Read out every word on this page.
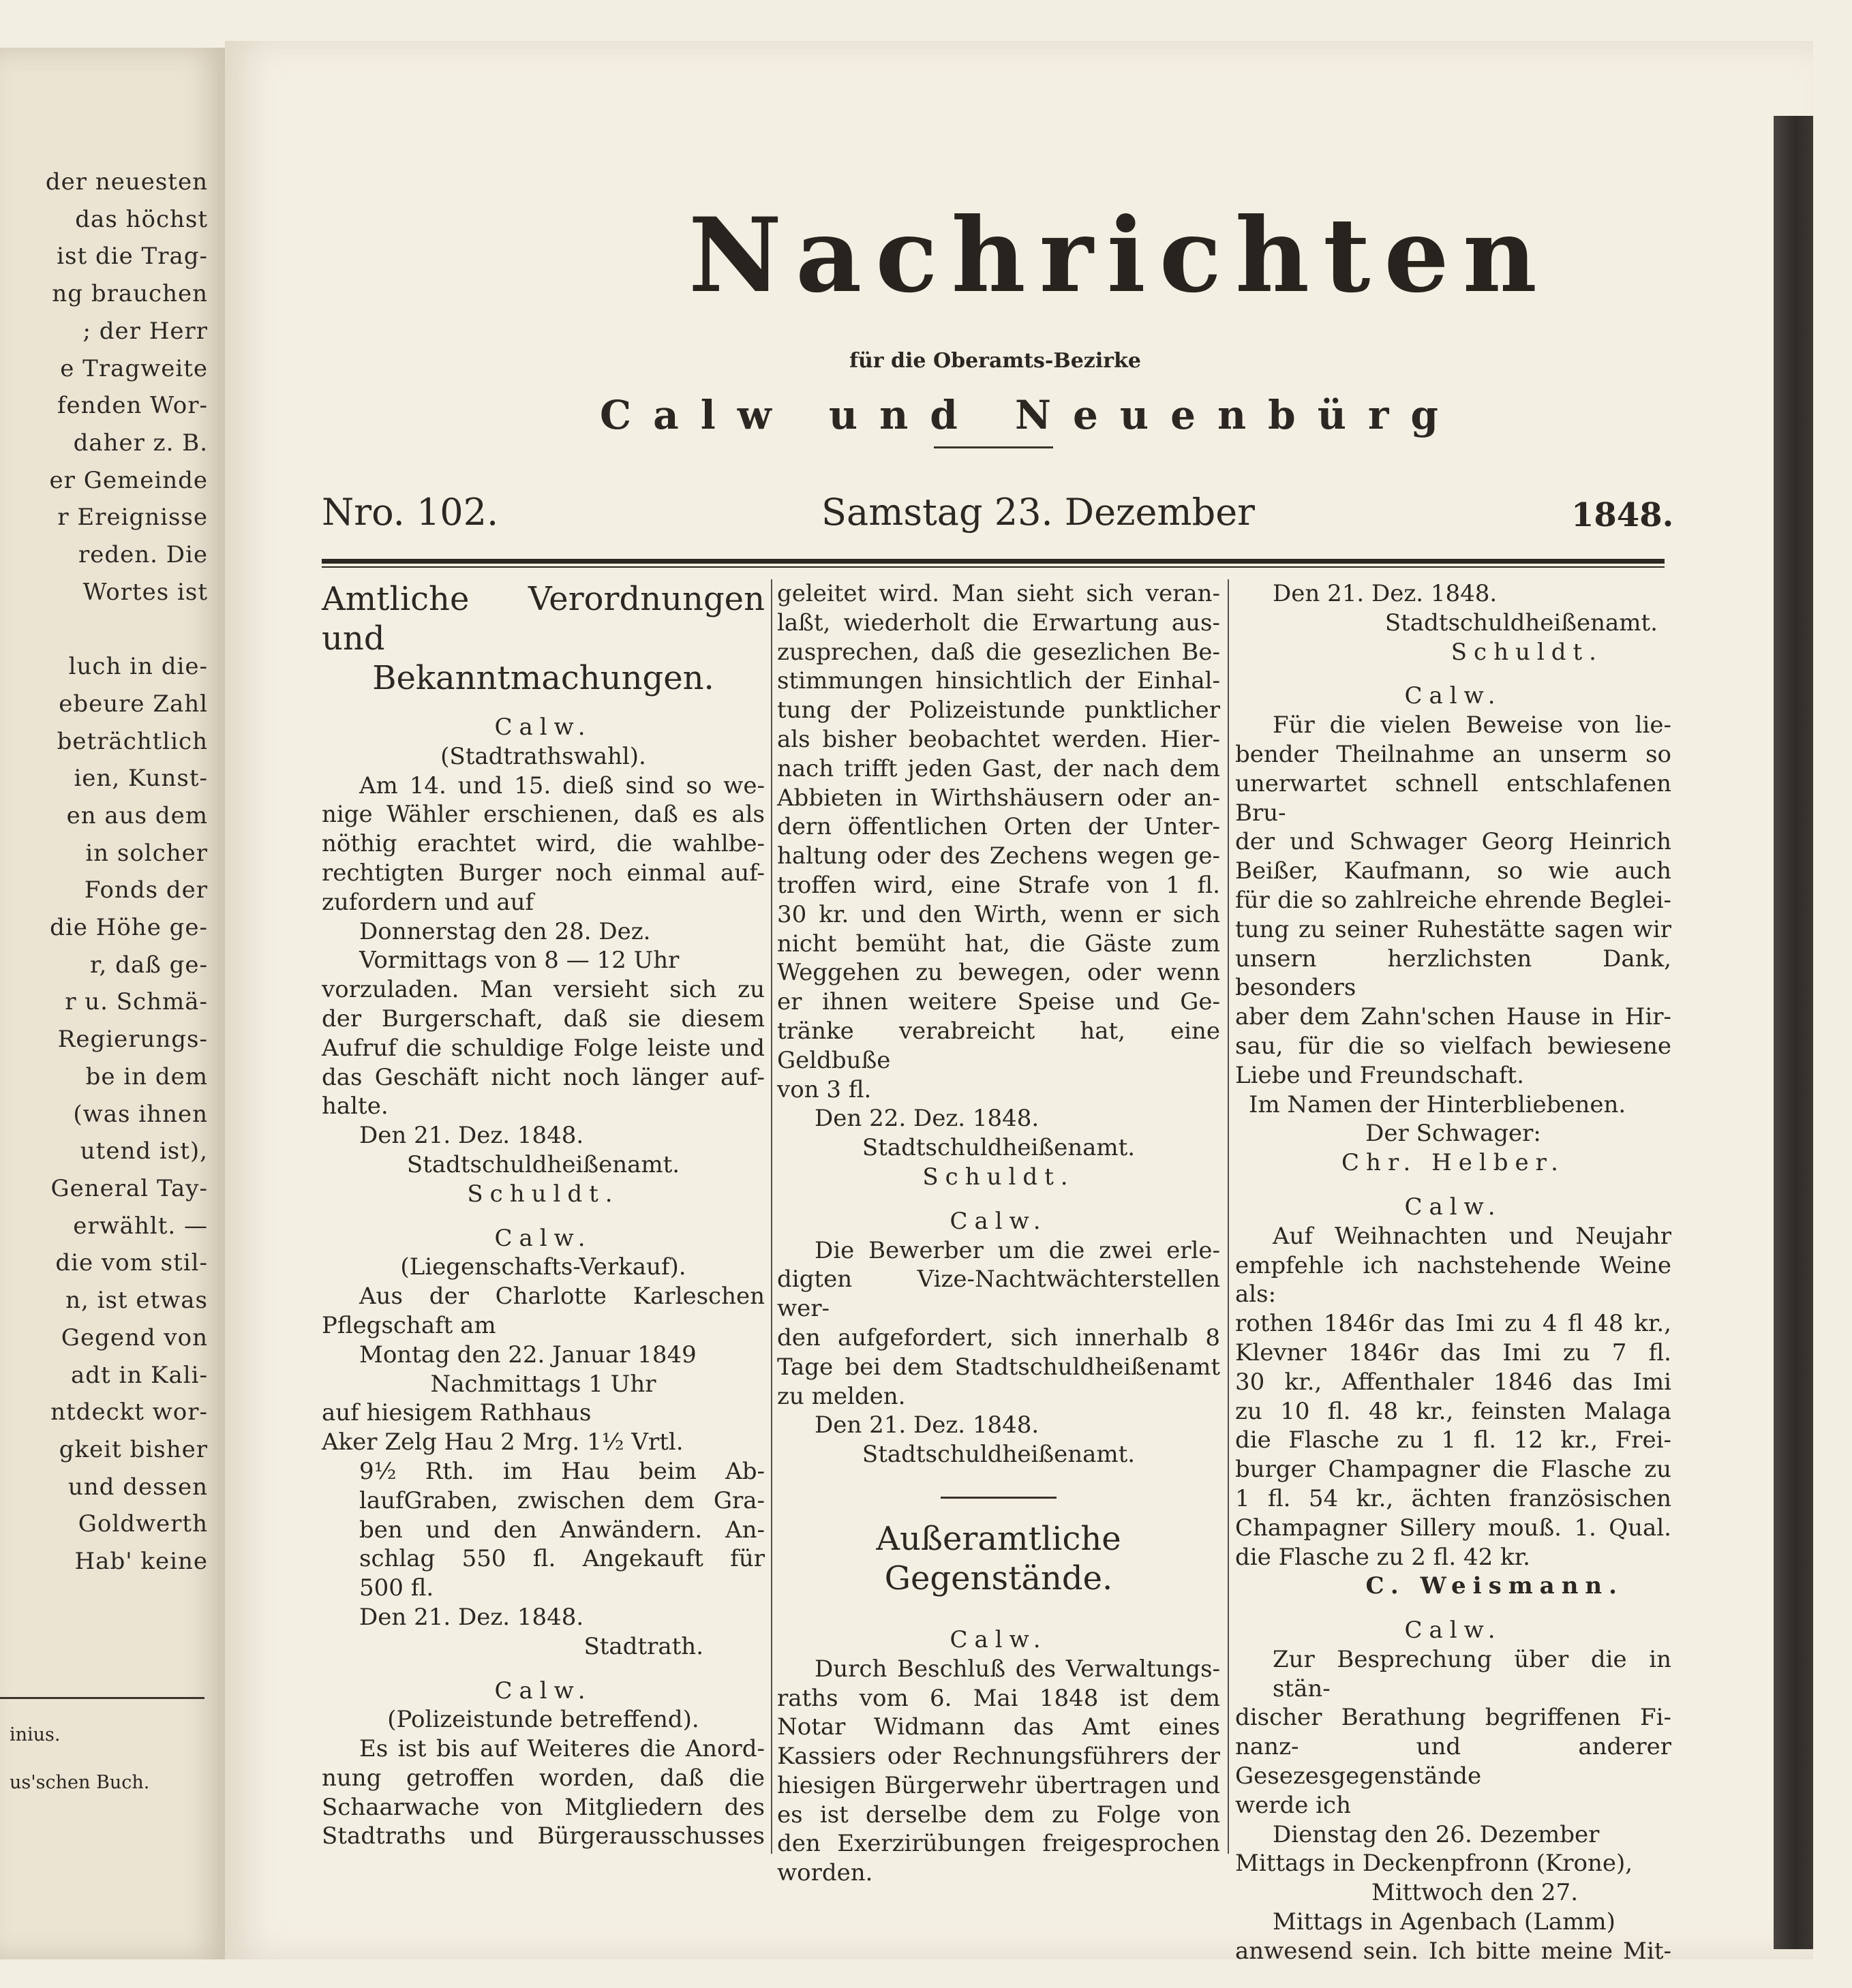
der neuesten
das höchst
ist die Trag-
ng brauchen
; der Herr
e Tragweite
fenden Wor-
daher z. B.
er Gemeinde
r Ereignisse
reden. Die
Wortes ist

luch in die-
ebeure Zahl
beträchtlich
ien, Kunst-
en aus dem
in solcher
Fonds der
die Höhe ge-
r, daß ge-
r u. Schmä-
Regierungs-
be in dem
(was ihnen
utend ist),
General Tay-
erwählt. —
die vom stil-
n, ist etwas
Gegend von
adt in Kali-
ntdeckt wor-
gkeit bisher
und dessen
Goldwerth
Hab' keine
inius.
us'schen Buch.
Nachrichten
für die Oberamts-Bezirke
Calw und Neuenbürg
Nro. 102.	Samstag 23. Dezember	1848.
Amtliche Verordnungen und
Bekanntmachungen.
Calw.
(Stadtrathswahl).
Am 14. und 15. dieß sind so we-
nige Wähler erschienen, daß es als
nöthig erachtet wird, die wahlbe-
rechtigten Burger noch einmal auf-
zufordern und auf
Donnerstag den 28. Dez.
Vormittags von 8 — 12 Uhr
vorzuladen. Man versieht sich zu
der Burgerschaft, daß sie diesem
Aufruf die schuldige Folge leiste und
das Geschäft nicht noch länger auf-
halte.
Den 21. Dez. 1848.
Stadtschuldheißenamt.
Schuldt.
Calw.
(Liegenschafts-Verkauf).
Aus der Charlotte Karleschen
Pflegschaft am
Montag den 22. Januar 1849
Nachmittags 1 Uhr
auf hiesigem Rathhaus
Aker Zelg Hau 2 Mrg. 1½ Vrtl.
9½ Rth. im Hau beim Ab-
laufGraben, zwischen dem Gra-
ben und den Anwändern. An-
schlag 550 fl. Angekauft für
500 fl.
Den 21. Dez. 1848.
Stadtrath.
Calw.
(Polizeistunde betreffend).
Es ist bis auf Weiteres die Anord-
nung getroffen worden, daß die
Schaarwache von Mitgliedern des
Stadtraths und Bürgerausschusses
geleitet wird. Man sieht sich veran-
laßt, wiederholt die Erwartung aus-
zusprechen, daß die gesezlichen Be-
stimmungen hinsichtlich der Einhal-
tung der Polizeistunde punktlicher
als bisher beobachtet werden. Hier-
nach trifft jeden Gast, der nach dem
Abbieten in Wirthshäusern oder an-
dern öffentlichen Orten der Unter-
haltung oder des Zechens wegen ge-
troffen wird, eine Strafe von 1 fl.
30 kr. und den Wirth, wenn er sich
nicht bemüht hat, die Gäste zum
Weggehen zu bewegen, oder wenn
er ihnen weitere Speise und Ge-
tränke verabreicht hat, eine Geldbuße
von 3 fl.
Den 22. Dez. 1848.
Stadtschuldheißenamt.
Schuldt.
Calw.
Die Bewerber um die zwei erle-
digten Vize-Nachtwächterstellen wer-
den aufgefordert, sich innerhalb 8
Tage bei dem Stadtschuldheißenamt
zu melden.
Den 21. Dez. 1848.
Stadtschuldheißenamt.
Außeramtliche Gegenstände.
Calw.
Durch Beschluß des Verwaltungs-
raths vom 6. Mai 1848 ist dem
Notar Widmann das Amt eines
Kassiers oder Rechnungsführers der
hiesigen Bürgerwehr übertragen und
es ist derselbe dem zu Folge von
den Exerzirübungen freigesprochen
worden.
Den 21. Dez. 1848.
Stadtschuldheißenamt.
Schuldt.
Calw.
Für die vielen Beweise von lie-
bender Theilnahme an unserm so
unerwartet schnell entschlafenen Bru-
der und Schwager Georg Heinrich
Beißer, Kaufmann, so wie auch
für die so zahlreiche ehrende Beglei-
tung zu seiner Ruhestätte sagen wir
unsern herzlichsten Dank, besonders
aber dem Zahn'schen Hause in Hir-
sau, für die so vielfach bewiesene
Liebe und Freundschaft.
Im Namen der Hinterbliebenen.
Der Schwager:
Chr. Helber.
Calw.
Auf Weihnachten und Neujahr
empfehle ich nachstehende Weine als:
rothen 1846r das Imi zu 4 fl 48 kr.,
Klevner 1846r das Imi zu 7 fl.
30 kr., Affenthaler 1846 das Imi
zu 10 fl. 48 kr., feinsten Malaga
die Flasche zu 1 fl. 12 kr., Frei-
burger Champagner die Flasche zu
1 fl. 54 kr., ächten französischen
Champagner Sillery mouß. 1. Qual.
die Flasche zu 2 fl. 42 kr.
C. Weismann.
Calw.
Zur Besprechung über die in stän-
discher Berathung begriffenen Fi-
nanz- und anderer Gesezesgegenstände
werde ich
Dienstag den 26. Dezember
Mittags in Deckenpfronn (Krone),
Mittwoch den 27.
Mittags in Agenbach (Lamm)
anwesend sein. Ich bitte meine Mit-
